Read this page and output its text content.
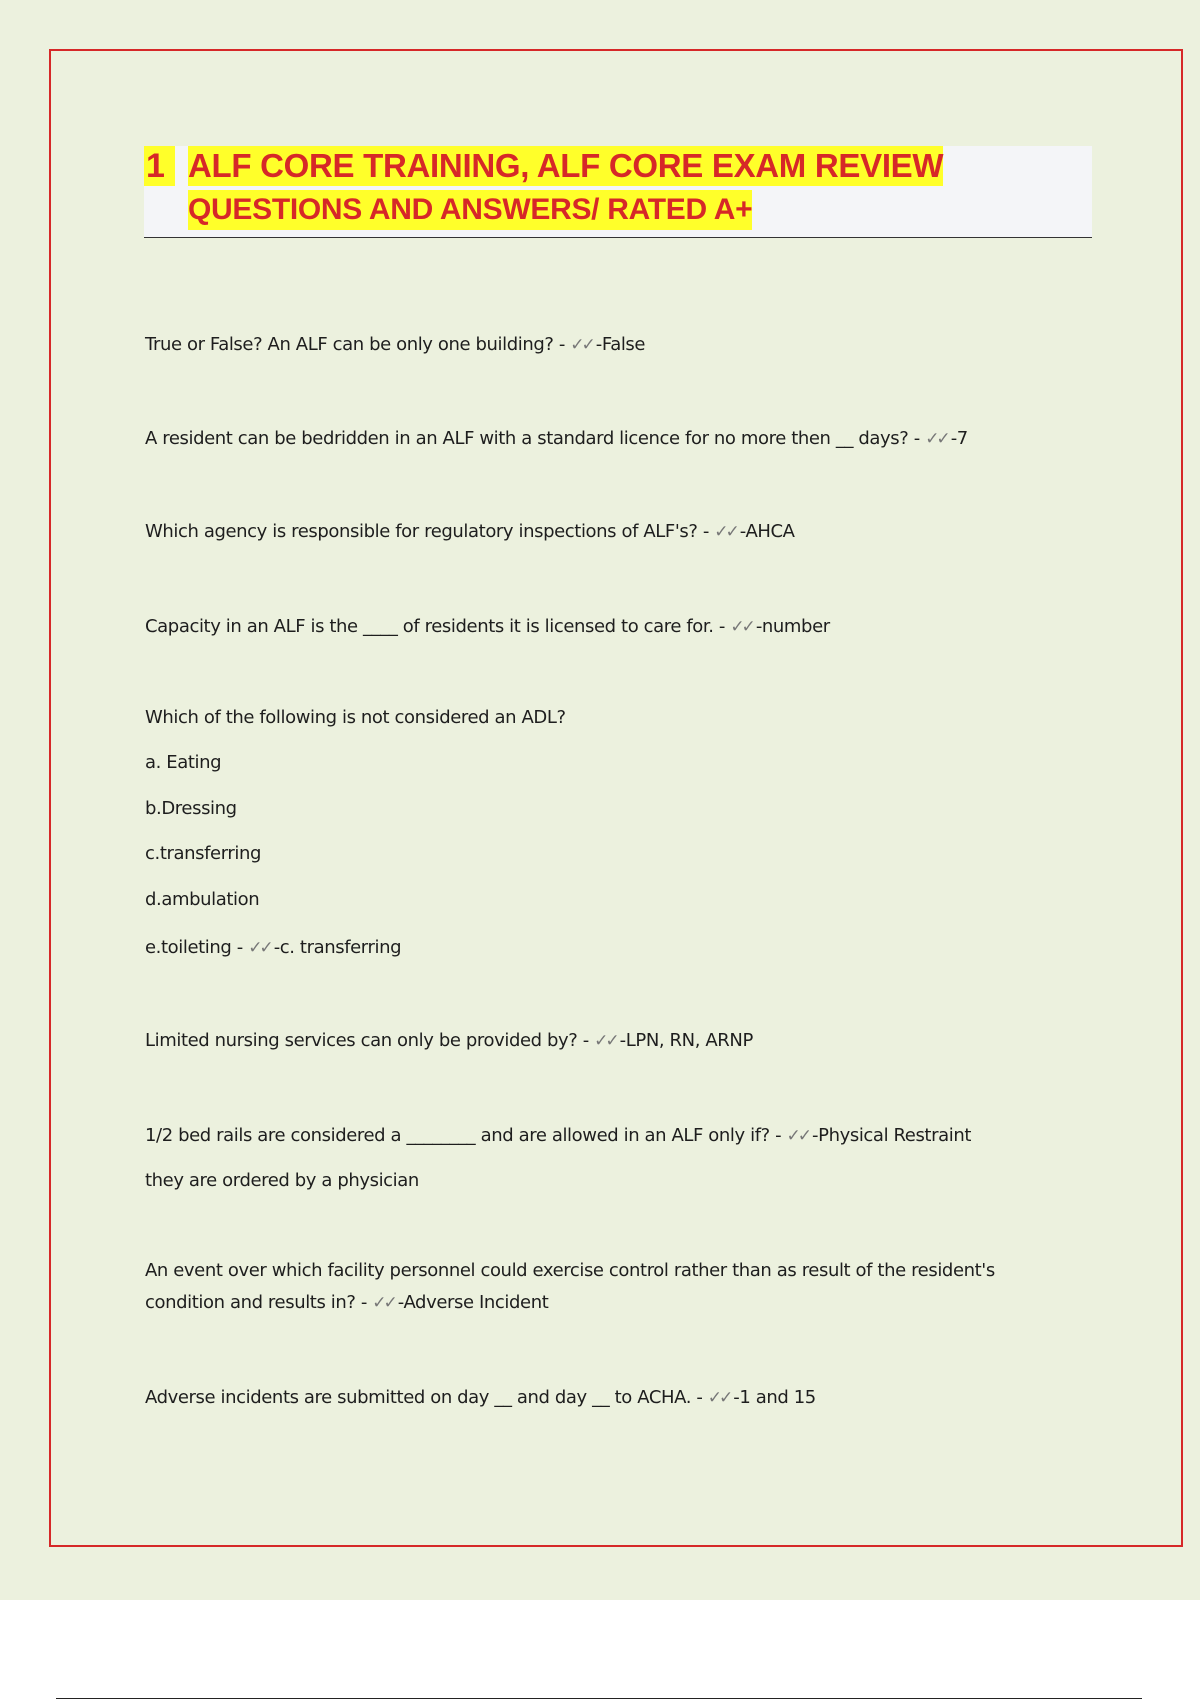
1 ALF CORE TRAINING, ALF CORE EXAM REVIEW
QUESTIONS AND ANSWERS/ RATED A+
True or False? An ALF can be only one building? - ✓✓ -False
A resident can be bedridden in an ALF with a standard licence for no more then __ days? - ✓✓ -7
Which agency is responsible for regulatory inspections of ALF's? - ✓✓ -AHCA
Capacity in an ALF is the ____ of residents it is licensed to care for. - ✓✓ -number
Which of the following is not considered an ADL?
a. Eating
b.Dressing
c.transferring
d.ambulation
e.toileting - ✓✓ -c. transferring
Limited nursing services can only be provided by? - ✓✓ -LPN, RN, ARNP
1/2 bed rails are considered a ________ and are allowed in an ALF only if? - ✓✓ -Physical Restraint
they are ordered by a physician
An event over which facility personnel could exercise control rather than as result of the resident's
condition and results in? - ✓✓ -Adverse Incident
Adverse incidents are submitted on day __ and day __ to ACHA. - ✓✓ -1 and 15
